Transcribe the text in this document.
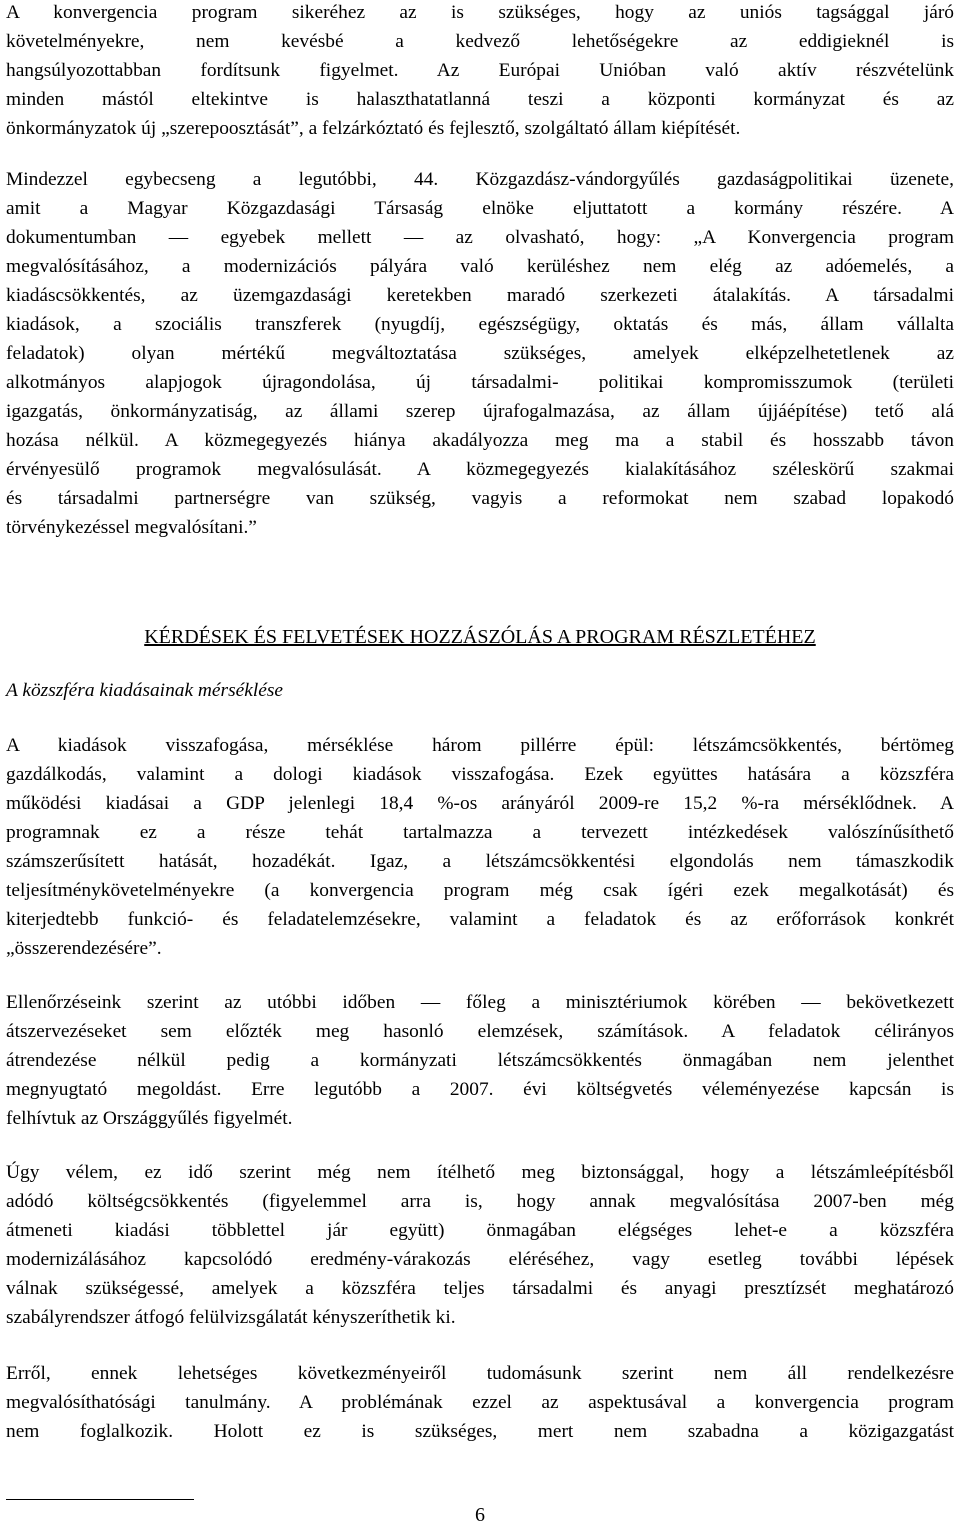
A konvergencia program sikeréhez az is szükséges, hogy az uniós tagsággal járó
követelményekre, nem kevésbé a kedvező lehetőségekre az eddigieknél is
hangsúlyozottabban fordítsunk figyelmet. Az Európai Unióban való aktív részvételünk
minden mástól eltekintve is halaszthatatlanná teszi a központi kormányzat és az
önkormányzatok új „szerepoosztását”, a felzárkóztató és fejlesztő, szolgáltató állam kiépítését.
Mindezzel egybecseng a legutóbbi, 44. Közgazdász-vándorgyűlés gazdaságpolitikai üzenete,
amit a Magyar Közgazdasági Társaság elnöke eljuttatott a kormány részére. A
dokumentumban — egyebek mellett — az olvasható, hogy: „A Konvergencia program
megvalósításához, a modernizációs pályára való kerüléshez nem elég az adóemelés, a
kiadáscsökkentés, az üzemgazdasági keretekben maradó szerkezeti átalakítás. A társadalmi
kiadások, a szociális transzferek (nyugdíj, egészségügy, oktatás és más, állam vállalta
feladatok) olyan mértékű megváltoztatása szükséges, amelyek elképzelhetetlenek az
alkotmányos alapjogok újragondolása, új társadalmi- politikai kompromisszumok (területi
igazgatás, önkormányzatiság, az állami szerep újrafogalmazása, az állam újjáépítése) tető alá
hozása nélkül. A közmegegyezés hiánya akadályozza meg ma a stabil és hosszabb távon
érvényesülő programok megvalósulását. A közmegegyezés kialakításához széleskörű szakmai
és társadalmi partnerségre van szükség, vagyis a reformokat nem szabad lopakodó
törvénykezéssel megvalósítani.”
KÉRDÉSEK ÉS FELVETÉSEK HOZZÁSZÓLÁS A PROGRAM RÉSZLETÉHEZ
A közszféra kiadásainak mérséklése
A kiadások visszafogása, mérséklése három pillérre épül: létszámcsökkentés, bértömeg
gazdálkodás, valamint a dologi kiadások visszafogása. Ezek együttes hatására a közszféra
működési kiadásai a GDP jelenlegi 18,4 %-os arányáról 2009-re 15,2 %-ra mérséklődnek. A
programnak ez a része tehát tartalmazza a tervezett intézkedések valószínűsíthető
számszerűsített hatását, hozadékát. Igaz, a létszámcsökkentési elgondolás nem támaszkodik
teljesítménykövetelményekre (a konvergencia program még csak ígéri ezek megalkotását) és
kiterjedtebb funkció- és feladatelemzésekre, valamint a feladatok és az erőforrások konkrét
„összerendezésére”.
Ellenőrzéseink szerint az utóbbi időben — főleg a minisztériumok körében — bekövetkezett
átszervezéseket sem előzték meg hasonló elemzések, számítások. A feladatok célirányos
átrendezése nélkül pedig a kormányzati létszámcsökkentés önmagában nem jelenthet
megnyugtató megoldást. Erre legutóbb a 2007. évi költségvetés véleményezése kapcsán is
felhívtuk az Országgyűlés figyelmét.
Úgy vélem, ez idő szerint még nem ítélhető meg biztonsággal, hogy a létszámleépítésből
adódó költségcsökkentés (figyelemmel arra is, hogy annak megvalósítása 2007-ben még
átmeneti kiadási többlettel jár együtt) önmagában elégséges lehet-e a közszféra
modernizálásához kapcsolódó eredmény-várakozás eléréséhez, vagy esetleg további lépések
válnak szükségessé, amelyek a közszféra teljes társadalmi és anyagi presztízsét meghatározó
szabályrendszer átfogó felülvizsgálatát kényszeríthetik ki.
Erről, ennek lehetséges következményeiről tudomásunk szerint nem áll rendelkezésre
megvalósíthatósági tanulmány. A problémának ezzel az aspektusával a konvergencia program
nem foglalkozik. Holott ez is szükséges, mert nem szabadna a közigazgatást
6
